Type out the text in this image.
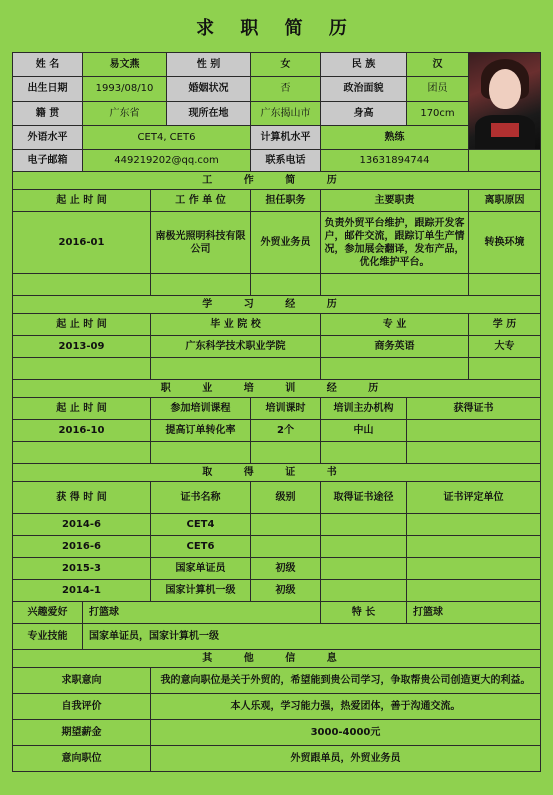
求 职 简 历
姓 名	易文燕		性 别	女	民 族	汉	

出生日期	1993/08/10		婚姻状况	否	政治面貌	团员	
籍 贯	广东省		现所在地	广东揭山市	身高	170cm	
外语水平	CET4, CET6			计算机水平	熟练		
电子邮箱	449219202@qq.com			联系电话	13631894744		
工 作 简 历							
起 止 时 间		工 作 单 位		担任职务	主要职责		离职原因
2016-01		南极光照明科技有限公司		外贸业务员	负责外贸平台维护，跟踪开发客户，邮件交流，跟踪订单生产情况，参加展会翻译，发布产品，优化维护平台。		转换环境

学 习 经 历							
起 止 时 间		毕 业 院 校			专 业		学 历
2013-09		广东科学技术职业学院			商务英语		大专

职 业 培 训 经 历							
起 止 时 间		参加培训课程		培训课时	培训主办机构	获得证书	
2016-10		提高订单转化率		2个	中山		

取 得 证 书							
获 得 时 间		证书名称		级别	取得证书途径	证书评定单位	
2014-6		CET4					
2016-6		CET6					
2015-3		国家单证员		初级			
2014-1		国家计算机一级		初级			
兴趣爱好	打篮球				特 长	打篮球	
专业技能	国家单证员，国家计算机一级						
其 他 信 息							
求职意向		我的意向职位是关于外贸的，希望能到贵公司学习，争取帮贵公司创造更大的利益。					
自我评价		本人乐观，学习能力强，热爱团体，善于沟通交流。					
期望薪金		3000-4000元					
意向职位		外贸跟单员，外贸业务员					
